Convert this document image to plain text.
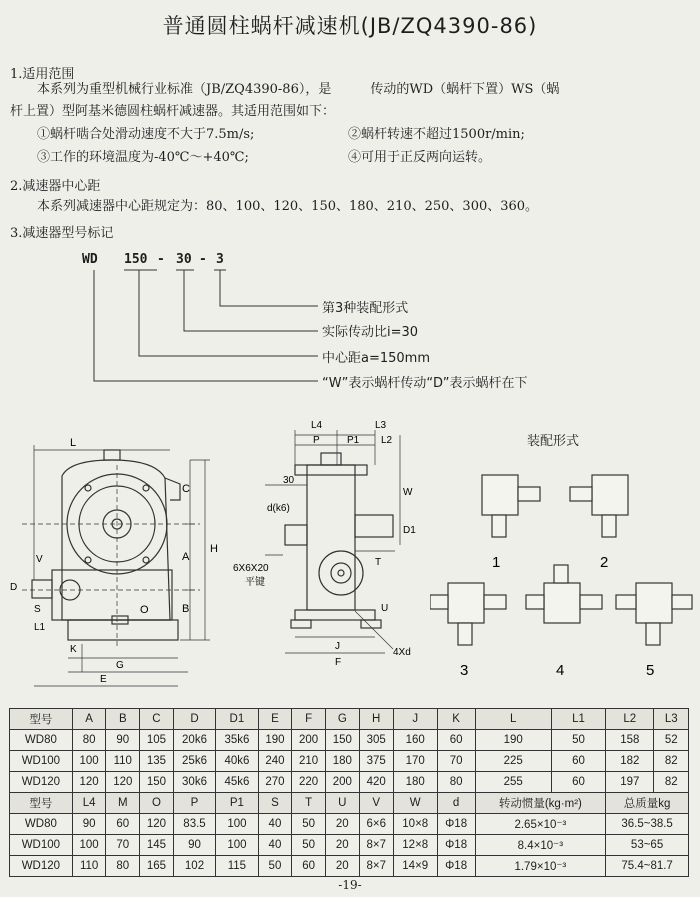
普通圆柱蜗杆减速机(JB/ZQ4390-86)
1.适用范围
本系列为重型机械行业标准（JB/ZQ4390-86），是　　　传动的WD（蜗杆下置）WS（蜗
杆上置）型阿基米德圆柱蜗杆减速器。其适用范围如下：
①蜗杆啮合处滑动速度不大于7.5m/s;	②蜗杆转速不超过1500r/min;
③工作的环境温度为-40℃～+40℃;	④可用于正反两向运转。
2.减速器中心距
本系列减速器中心距规定为：80、100、120、150、180、210、250、300、360。
3.减速器型号标记
WD 150 - 30 - 3
第3种装配形式
实际传动比i=30
中心距a=150mm
“W”表示蜗杆传动“D”表示蜗杆在下
L
H
C
A
B
O
V
D
S
L1
K
G
E
L4	L3
P	P1 L2
30
d(k6)
W
D1
T
U
J
F
6X6X20
平键
4Xd
装配形式
1	2
3	4	5
型号	A	B	C	D	D1	E	F	G	H	J	K	L	L1	L2	L3
WD80	80	90	105	20k6	35k6	190	200	150	305	160	60	190	50	158	52
WD100	100	110	135	25k6	40k6	240	210	180	375	170	70	225	60	182	82
WD120	120	120	150	30k6	45k6	270	220	200	420	180	80	255	60	197	82
型号	L4	M	O	P	P1	S	T	U	V	W	d	转动惯量(kg·m²)		总质量kg	
WD80	90	60	120	83.5	100	40	50	20	6×6	10×8	Φ18	2.65×10⁻³		36.5~38.5	
WD100	100	70	145	90	100	40	50	20	8×7	12×8	Φ18	8.4×10⁻³		53~65	
WD120	110	80	165	102	115	50	60	20	8×7	14×9	Φ18	1.79×10⁻³		75.4~81.7	
-19-
